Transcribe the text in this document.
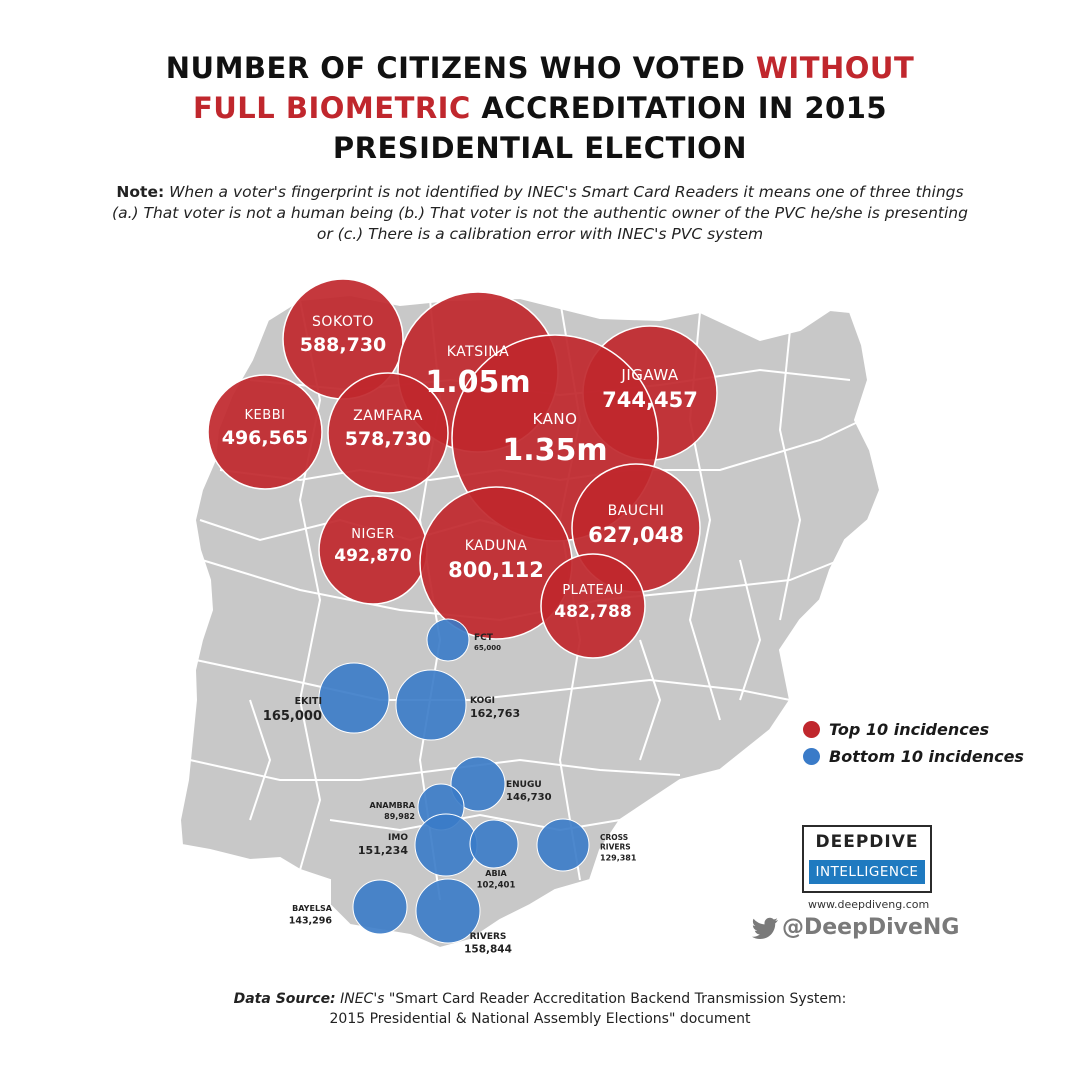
NUMBER OF CITIZENS WHO VOTED WITHOUT
FULL BIOMETRIC ACCREDITATION IN 2015
PRESIDENTIAL ELECTION
Note: When a voter's fingerprint is not identified by INEC's Smart Card Readers it means one of three things (a.) That voter is not a human being (b.) That voter is not the authentic owner of the PVC he/she is presenting or (c.) There is a calibration error with INEC's PVC system
SOKOTO
588,730	KATSINA
1.05m	JIGAWA
744,457
KEBBI
496,565
ZAMFARA
578,730
KANO
1.35m
BAUCHI
627,048
NIGER
492,870	KADUNA
800,112
PLATEAU
482,788
FCT
65,000
EKITI
165,000
KOGI
162,763
ENUGU
146,730
ANAMBRA
89,982
IMO
151,234
ABIA
102,401
CROSS
RIVERS
129,381
BAYELSA
143,296
RIVERS
158,844
Top 10 incidences
Bottom 10 incidences
DEEPDIVE
INTELLIGENCE
www.deepdiveng.com
@DeepDiveNG
Data Source: INEC's "Smart Card Reader Accreditation Backend Transmission System:
2015 Presidential & National Assembly Elections" document
